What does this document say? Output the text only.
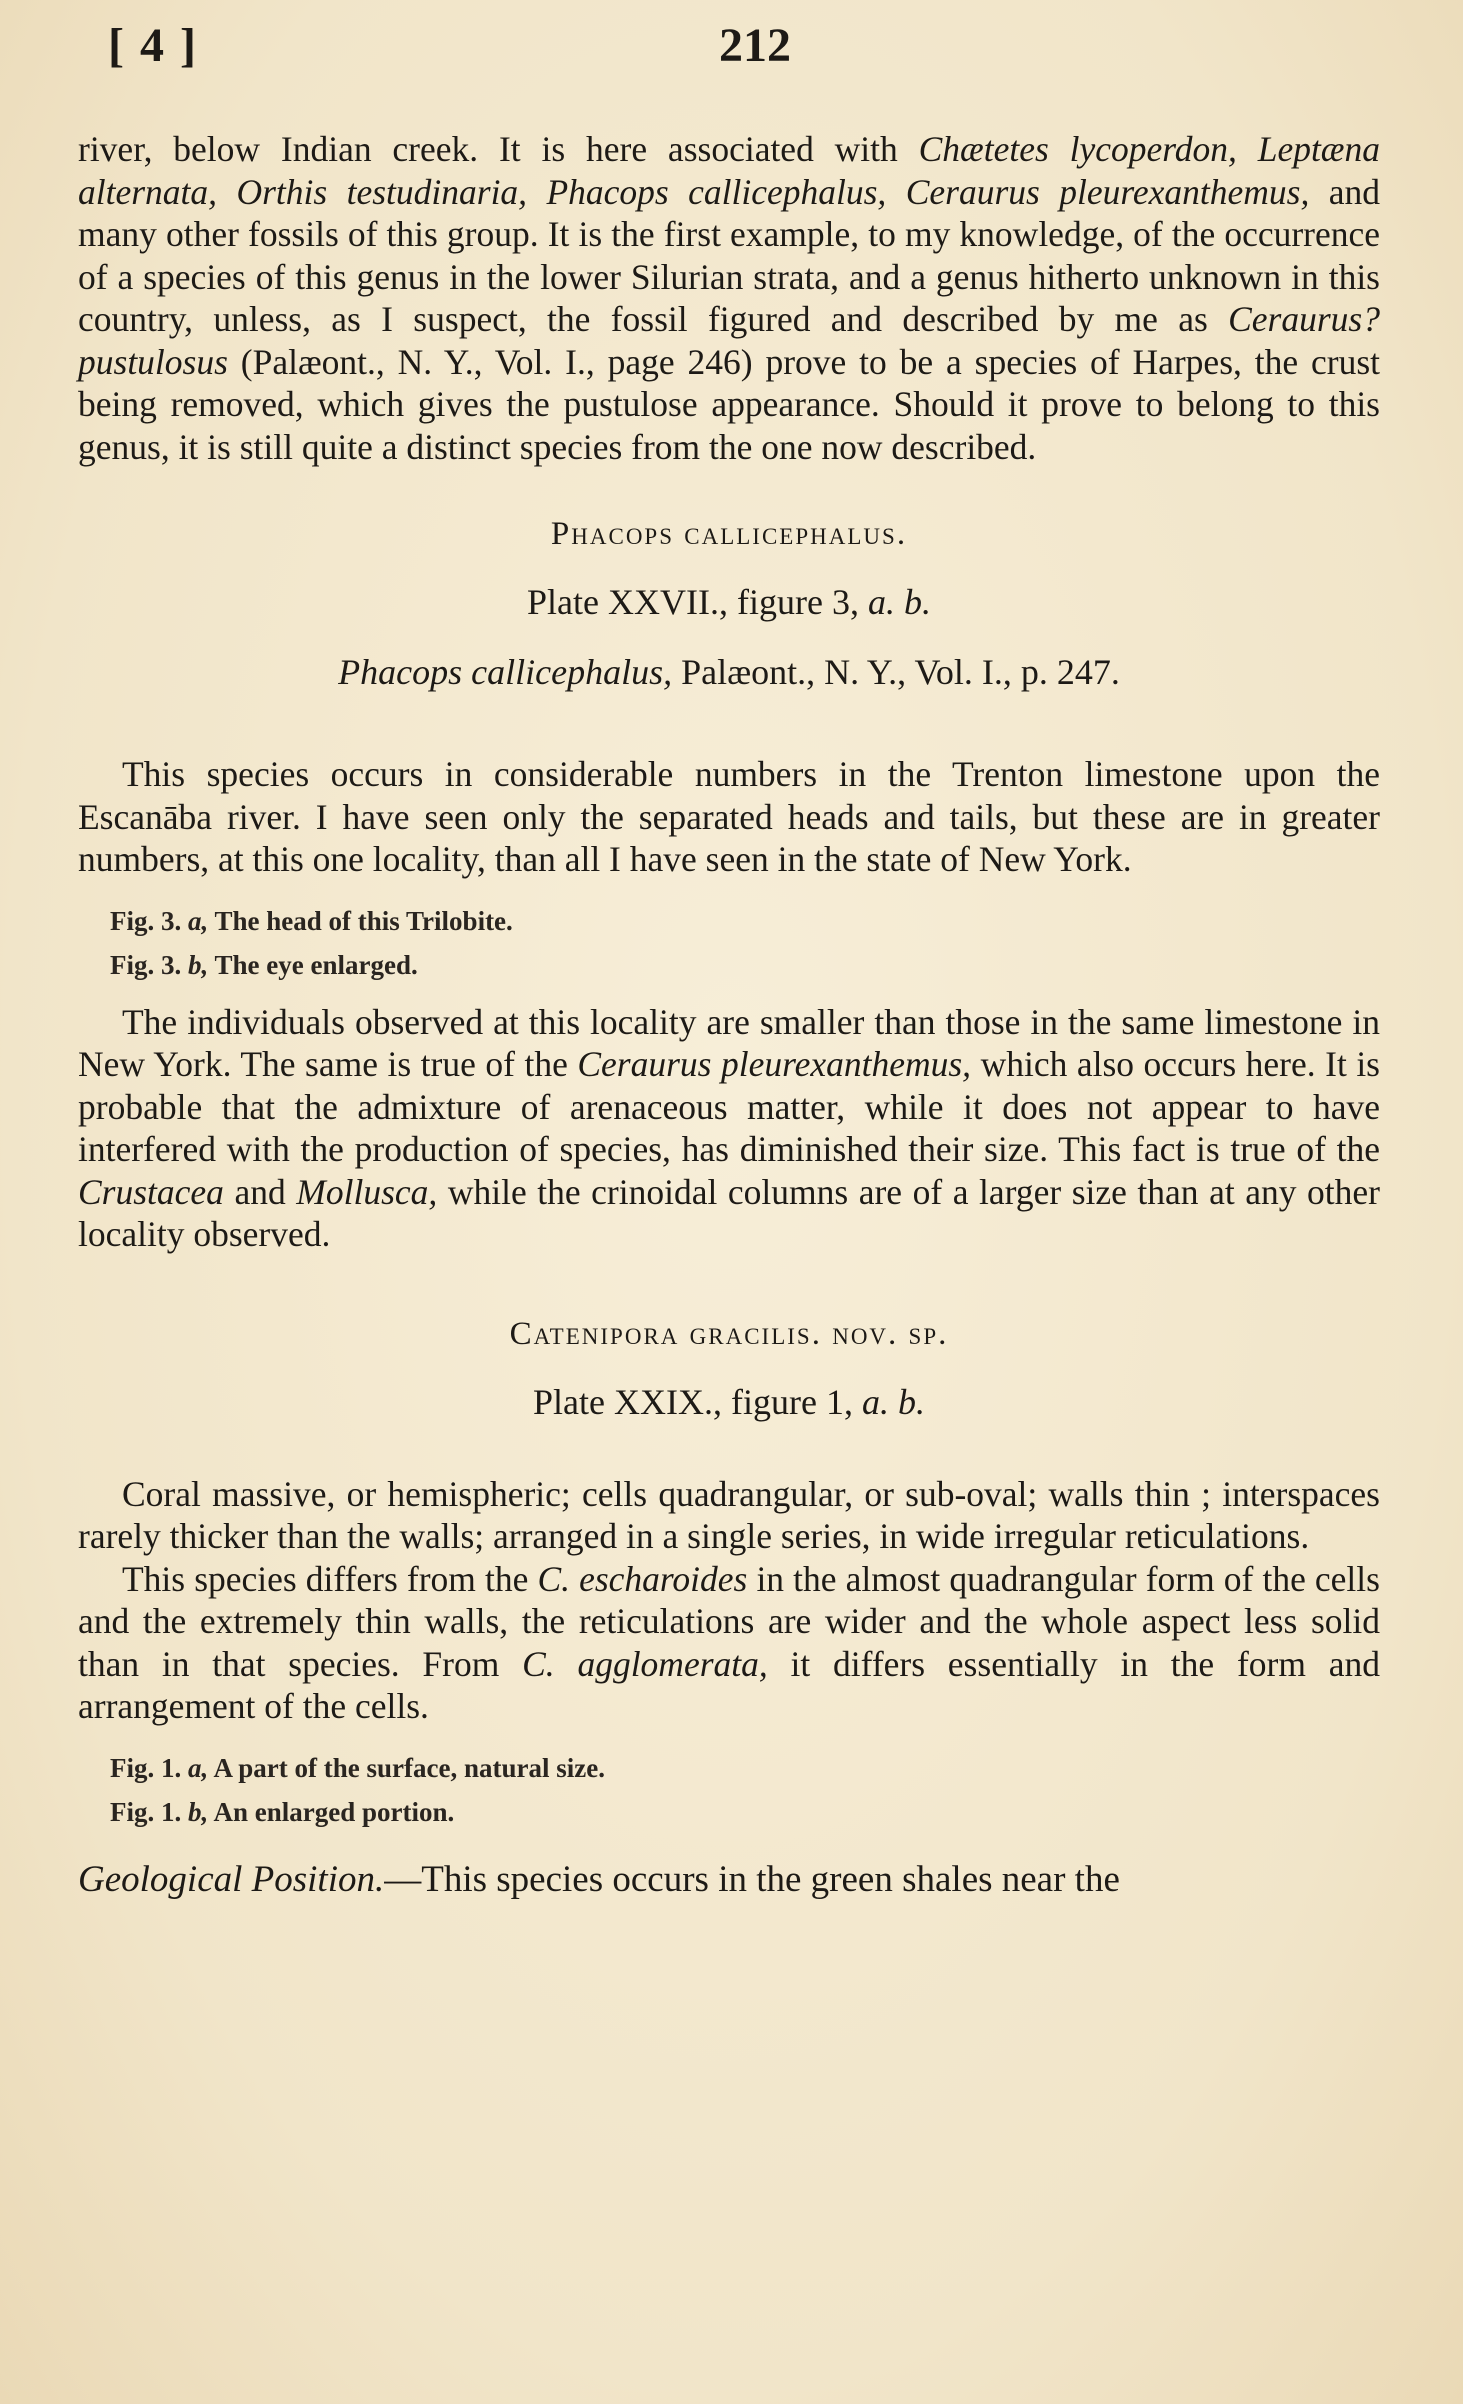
[ 4 ]	212

river, below Indian creek. It is here associated with Chætetes lycoperdon, Leptæna alternata, Orthis testudinaria, Phacops callicephalus, Ceraurus pleurexanthemus, and many other fossils of this group. It is the first example, to my knowledge, of the occurrence of a species of this genus in the lower Silurian strata, and a genus hitherto unknown in this country, unless, as I suspect, the fossil figured and described by me as Ceraurus? pustulosus (Palæont., N. Y., Vol. I., page 246) prove to be a species of Harpes, the crust being removed, which gives the pustulose appearance. Should it prove to belong to this genus, it is still quite a distinct species from the one now described.

Phacops callicephalus.

Plate XXVII., figure 3, a. b.

Phacops callicephalus, Palæont., N. Y., Vol. I., p. 247.

This species occurs in considerable numbers in the Trenton limestone upon the Escanāba river. I have seen only the separated heads and tails, but these are in greater numbers, at this one locality, than all I have seen in the state of New York.

Fig. 3. a, The head of this Trilobite.

Fig. 3. b, The eye enlarged.

The individuals observed at this locality are smaller than those in the same limestone in New York. The same is true of the Ceraurus pleurexanthemus, which also occurs here. It is probable that the admixture of arenaceous matter, while it does not appear to have interfered with the production of species, has diminished their size. This fact is true of the Crustacea and Mollusca, while the crinoidal columns are of a larger size than at any other locality observed.

Catenipora gracilis. nov. sp.

Plate XXIX., figure 1, a. b.

Coral massive, or hemispheric; cells quadrangular, or sub-oval; walls thin ; interspaces rarely thicker than the walls; arranged in a single series, in wide irregular reticulations.

This species differs from the C. escharoides in the almost quadrangular form of the cells and the extremely thin walls, the reticulations are wider and the whole aspect less solid than in that species. From C. agglomerata, it differs essentially in the form and arrangement of the cells.

Fig. 1. a, A part of the surface, natural size.

Fig. 1. b, An enlarged portion.

Geological Position.—This species occurs in the green shales near the
